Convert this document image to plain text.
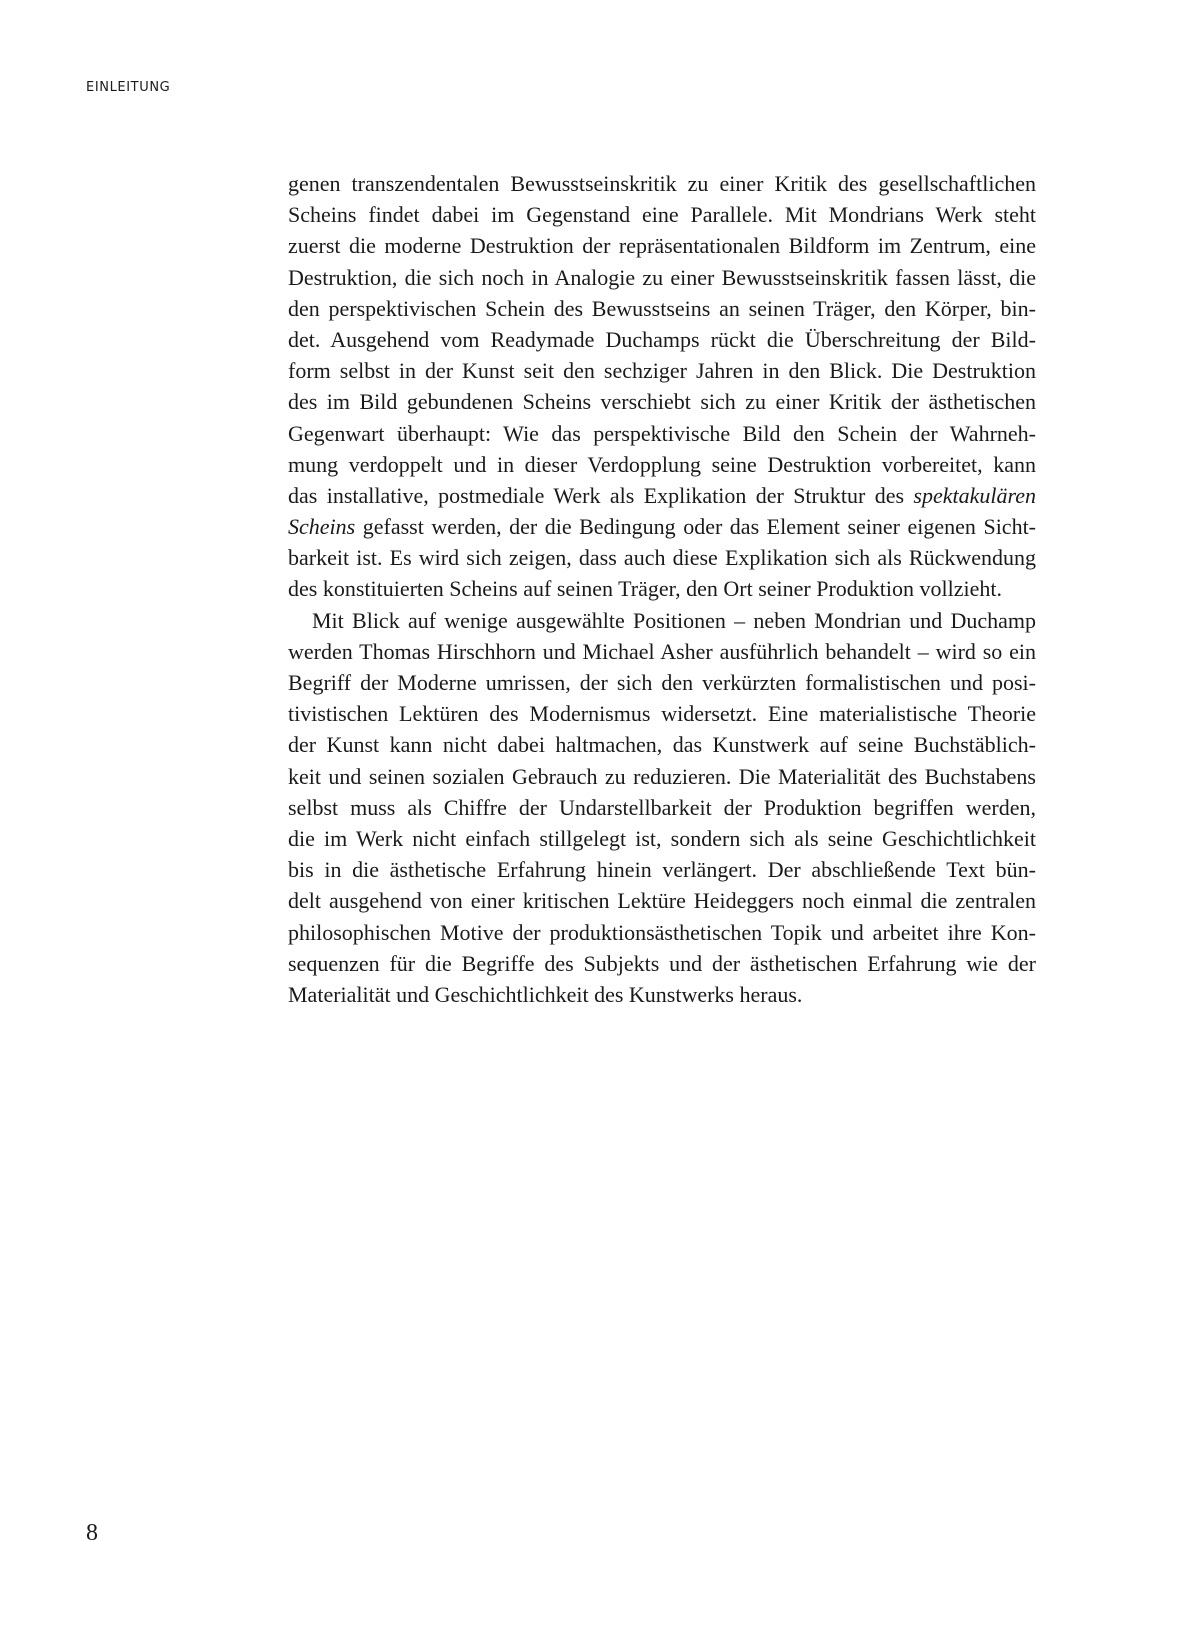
EINLEITUNG
genen transzendentalen Bewusstseinskritik zu einer Kritik des gesellschaftlichen
Scheins findet dabei im Gegenstand eine Parallele. Mit Mondrians Werk steht
zuerst die moderne Destruktion der repräsentationalen Bildform im Zentrum, eine
Destruktion, die sich noch in Analogie zu einer Bewusstseinskritik fassen lässt, die
den perspektivischen Schein des Bewusstseins an seinen Träger, den Körper, bin-
det. Ausgehend vom Readymade Duchamps rückt die Überschreitung der Bild-
form selbst in der Kunst seit den sechziger Jahren in den Blick. Die Destruktion
des im Bild gebundenen Scheins verschiebt sich zu einer Kritik der ästhetischen
Gegenwart überhaupt: Wie das perspektivische Bild den Schein der Wahrneh-
mung verdoppelt und in dieser Verdopplung seine Destruktion vorbereitet, kann
das installative, postmediale Werk als Explikation der Struktur des spektakulären
Scheins gefasst werden, der die Bedingung oder das Element seiner eigenen Sicht-
barkeit ist. Es wird sich zeigen, dass auch diese Explikation sich als Rückwendung
des konstituierten Scheins auf seinen Träger, den Ort seiner Produktion vollzieht.
Mit Blick auf wenige ausgewählte Positionen – neben Mondrian und Duchamp
werden Thomas Hirschhorn und Michael Asher ausführlich behandelt – wird so ein
Begriff der Moderne umrissen, der sich den verkürzten formalistischen und posi-
tivistischen Lektüren des Modernismus widersetzt. Eine materialistische Theorie
der Kunst kann nicht dabei haltmachen, das Kunstwerk auf seine Buchstäblich-
keit und seinen sozialen Gebrauch zu reduzieren. Die Materialität des Buchstabens
selbst muss als Chiffre der Undarstellbarkeit der Produktion begriffen werden,
die im Werk nicht einfach stillgelegt ist, sondern sich als seine Geschichtlichkeit
bis in die ästhetische Erfahrung hinein verlängert. Der abschließende Text bün-
delt ausgehend von einer kritischen Lektüre Heideggers noch einmal die zentralen
philosophischen Motive der produktionsästhetischen Topik und arbeitet ihre Kon-
sequenzen für die Begriffe des Subjekts und der ästhetischen Erfahrung wie der
Materialität und Geschichtlichkeit des Kunstwerks heraus.
8
